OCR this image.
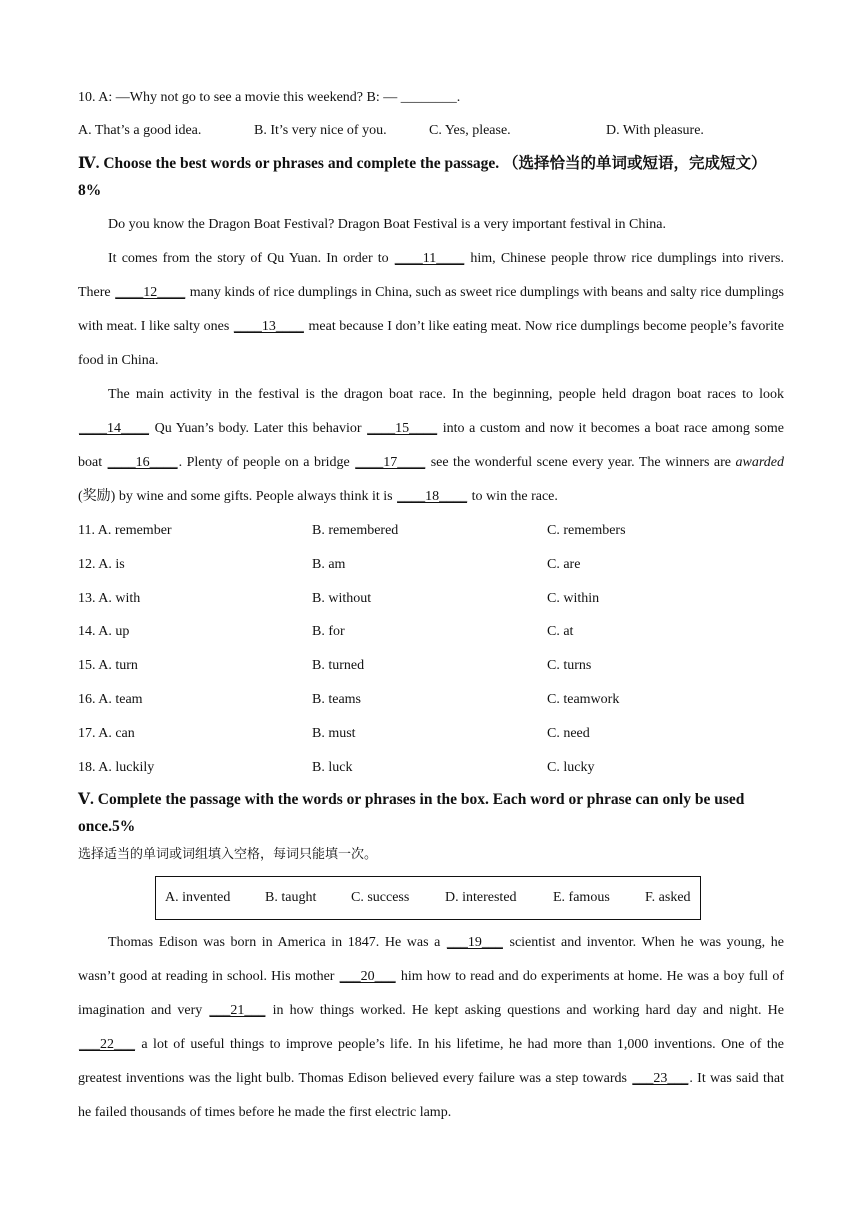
10. A: —Why not go to see a movie this weekend? B: — ________.
A. That’s a good idea.	B. It’s very nice of you.	C. Yes, please.	D. With pleasure.
Ⅳ. Choose the best words or phrases and complete the passage. （选择恰当的单词或短语，完成短文）8%

Do you know the Dragon Boat Festival? Dragon Boat Festival is a very important festival in China.

It comes from the story of Qu Yuan. In order to ____11____ him, Chinese people throw rice dumplings into rivers. There ____12____ many kinds of rice dumplings in China, such as sweet rice dumplings with beans and salty rice dumplings with meat. I like salty ones ____13____ meat because I don’t like eating meat. Now rice dumplings become people’s favorite food in China.

The main activity in the festival is the dragon boat race. In the beginning, people held dragon boat races to look ____14____ Qu Yuan’s body. Later this behavior ____15____ into a custom and now it becomes a boat race among some boat ____16____. Plenty of people on a bridge ____17____ see the wonderful scene every year. The winners are awarded (奖励) by wine and some gifts. People always think it is ____18____ to win the race.

11. A. remember	B. remembered	C. remembers
12. A. is	B. am	C. are
13. A. with	B. without	C. within
14. A. up	B. for	C. at
15. A. turn	B. turned	C. turns
16. A. team	B. teams	C. teamwork
17. A. can	B. must	C. need
18. A. luckily	B. luck	C. lucky
Ⅴ. Complete the passage with the words or phrases in the box. Each word or phrase can only be used once.5%
选择适当的单词或词组填入空格，每词只能填一次。
A. invented B. taught C. success	D. interested	E. famous	F. asked

Thomas Edison was born in America in 1847. He was a ___19___ scientist and inventor. When he was young, he wasn’t good at reading in school. His mother ___20___ him how to read and do experiments at home. He was a boy full of imagination and very ___21___ in how things worked. He kept asking questions and working hard day and night. He ___22___ a lot of useful things to improve people’s life. In his lifetime, he had more than 1,000 inventions. One of the greatest inventions was the light bulb. Thomas Edison believed every failure was a step towards ___23___. It was said that he failed thousands of times before he made the first electric lamp.
